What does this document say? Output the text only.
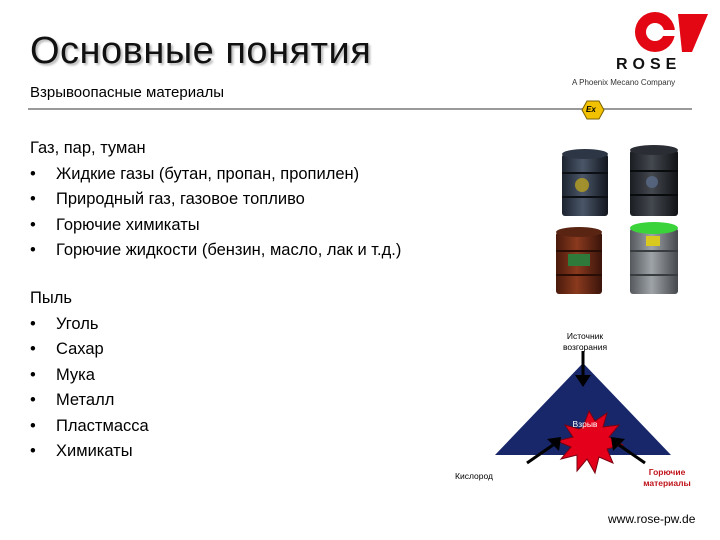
Основные понятия
Взрывоопасные материалы
ROSE
A Phoenix Mecano Company
Ex
Газ, пар, туман
• Жидкие газы (бутан, пропан, пропилен)
• Природный газ, газовое топливо
• Горючие химикаты
• Горючие жидкости (бензин, масло, лак и т.д.)
Пыль
• Уголь
• Сахар
• Мука
• Металл
• Пластмасса
• Химикаты
Источник
возгорания
Взрыв
Кислород	Горючие
материалы
www.rose-pw.de
